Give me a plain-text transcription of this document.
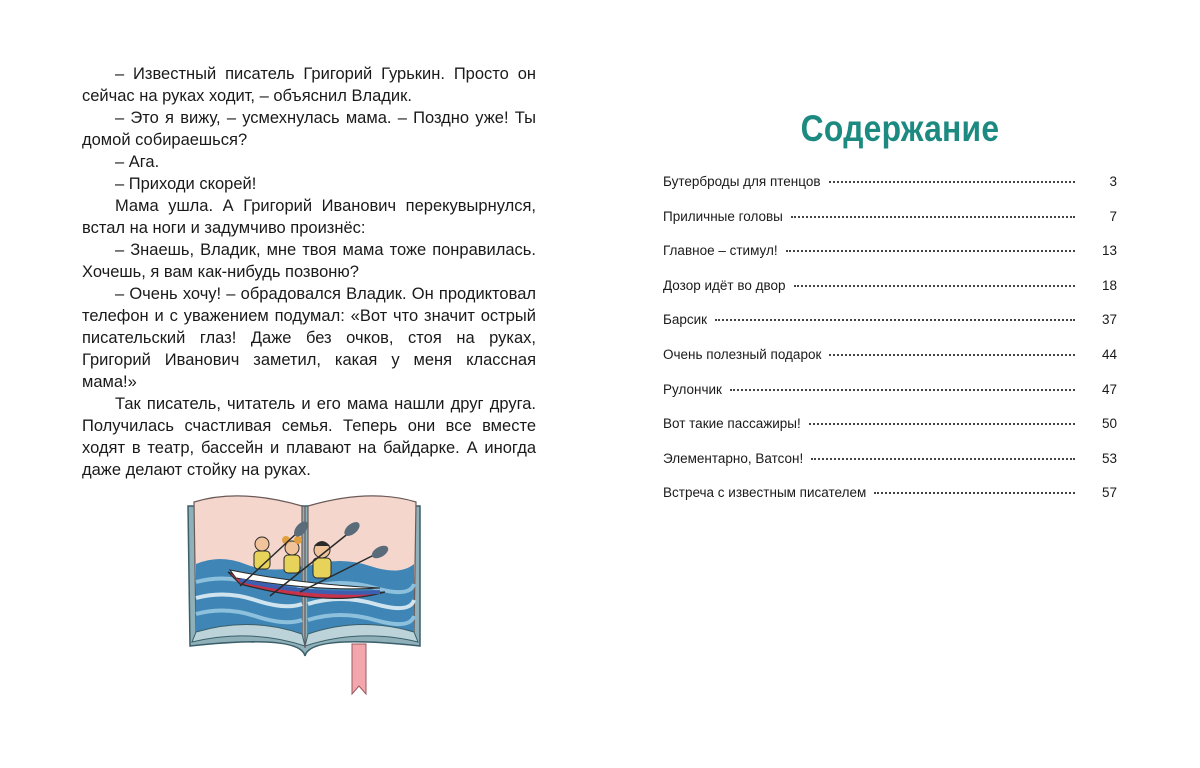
– Известный писатель Григорий Гурькин. Просто он сейчас на руках ходит, – объяснил Владик.

– Это я вижу, – усмехнулась мама. – Поздно уже! Ты домой собираешься?

– Ага.

– Приходи скорей!

Мама ушла. А Григорий Иванович перекувырнулся, встал на ноги и задумчиво произнёс:

– Знаешь, Владик, мне твоя мама тоже понравилась. Хочешь, я вам как-нибудь позвоню?

– Очень хочу! – обрадовался Владик. Он продиктовал телефон и с уважением подумал: «Вот что значит острый писательский глаз! Даже без очков, стоя на руках, Григорий Иванович заметил, какая у меня классная мама!»

Так писатель, читатель и его мама нашли друг друга. Получилась счастливая семья. Теперь они все вместе ходят в театр, бассейн и плавают на байдарке. А иногда даже делают стойку на руках.

Содержание
Бутерброды для птенцов	3
Приличные головы	7
Главное – стимул!	13
Дозор идёт во двор	18
Барсик	37
Очень полезный подарок	44
Рулончик	47
Вот такие пассажиры!	50
Элементарно, Ватсон!	53
Встреча с известным писателем	57
